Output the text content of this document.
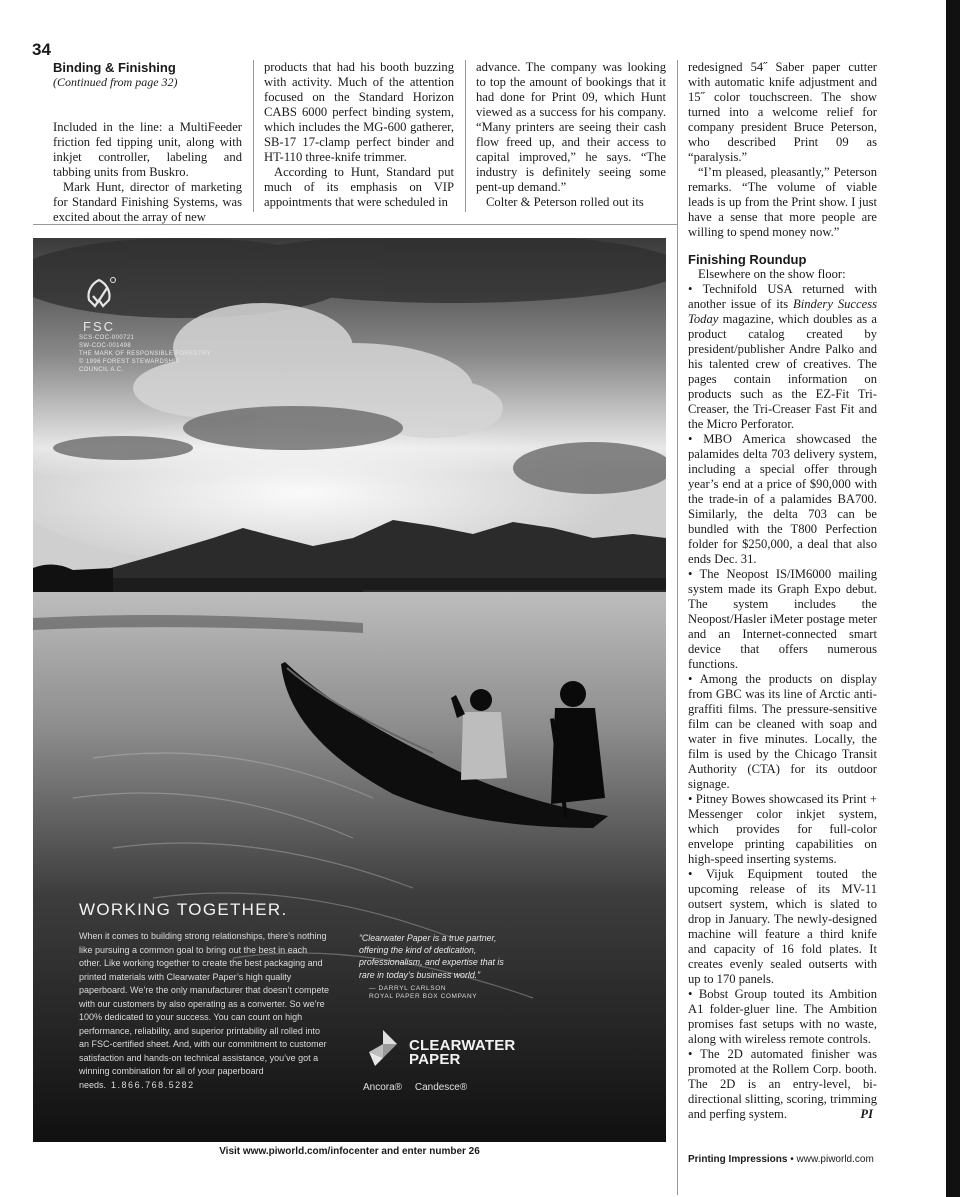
34
Binding & Finishing
(Continued from page 32)

Included in the line: a MultiFeeder friction fed tipping unit, along with inkjet controller, labeling and tabbing units from Buskro.

Mark Hunt, director of marketing for Standard Finishing Systems, was excited about the array of new

products that had his booth buzzing with activity. Much of the attention focused on the Standard Horizon CABS 6000 perfect binding system, which includes the MG-600 gatherer, SB-17 17-clamp perfect binder and HT-110 three-knife trimmer.

According to Hunt, Standard put much of its emphasis on VIP appointments that were scheduled in

advance. The company was looking to top the amount of bookings that it had done for Print 09, which Hunt viewed as a success for his company. “Many printers are seeing their cash flow freed up, and their access to capital improved,” he says. “The industry is definitely seeing some pent-up demand.”

Colter & Peterson rolled out its

redesigned 54˝ Saber paper cutter with automatic knife adjustment and 15˝ color touchscreen. The show turned into a welcome relief for company president Bruce Peterson, who described Print 09 as “paralysis.”

“I’m pleased, pleasantly,” Peterson remarks. “The volume of viable leads is up from the Print show. I just have a sense that more people are willing to spend money now.”

Finishing Roundup

Elsewhere on the show floor:

• Technifold USA returned with another issue of its Bindery Success Today magazine, which doubles as a product catalog created by president/publisher Andre Palko and his talented crew of creatives. The pages contain information on products such as the EZ-Fit Tri-Creaser, the Tri-Creaser Fast Fit and the Micro Perforator.

• MBO America showcased the palamides delta 703 delivery system, including a special offer through year’s end at a price of $90,000 with the trade-in of a palamides BA700. Similarly, the delta 703 can be bundled with the T800 Perfection folder for $250,000, a deal that also ends Dec. 31.

• The Neopost IS/IM6000 mailing system made its Graph Expo debut. The system includes the Neopost/Hasler iMeter postage meter and an Internet-connected smart device that offers numerous functions.

• Among the products on display from GBC was its line of Arctic anti-graffiti films. The pressure-sensitive film can be cleaned with soap and water in five minutes. Locally, the film is used by the Chicago Transit Authority (CTA) for its outdoor signage.

• Pitney Bowes showcased its Print + Messenger color inkjet system, which provides for full-color envelope printing capabilities on high-speed inserting systems.

• Vijuk Equipment touted the upcoming release of its MV-11 outsert system, which is slated to drop in January. The newly-designed machine will feature a third knife and capacity of 16 fold plates. It creates evenly sealed outserts with up to 170 panels.

• Bobst Group touted its Ambition A1 folder-gluer line. The Ambition promises fast setups with no waste, along with wireless remote controls.

• The 2D automated finisher was promoted at the Rollem Corp. booth. The 2D is an entry-level, bi-directional slitting, scoring, trimming and perfing system.	PI

FSC
SCS-COC-000721
SW-COC-001498
THE MARK OF RESPONSIBLE FORESTRY
© 1996 FOREST STEWARDSHIP
COUNCIL A.C.
WORKING TOGETHER.
When it comes to building strong relationships, there’s nothing like pursuing a common goal to bring out the best in each other. Like working together to create the best packaging and printed materials with Clearwater Paper’s high quality paperboard. We’re the only manufacturer that doesn’t compete with our customers by also operating as a converter. So we’re 100% dedicated to your success. You can count on high performance, reliability, and superior printability all rolled into an FSC-certified sheet. And, with our commitment to customer satisfaction and hands-on technical assistance, you’ve got a winning combination for all of your paperboard needs. 1.866.768.5282
“Clearwater Paper is a true partner, offering the kind of dedication, professionalism, and expertise that is rare in today’s business world.”
— DARRYL CARLSON
ROYAL PAPER BOX COMPANY
CLEARWATER
PAPER
Ancora® Candesce®
Visit www.piworld.com/infocenter and enter number 26
Printing Impressions • www.piworld.com
